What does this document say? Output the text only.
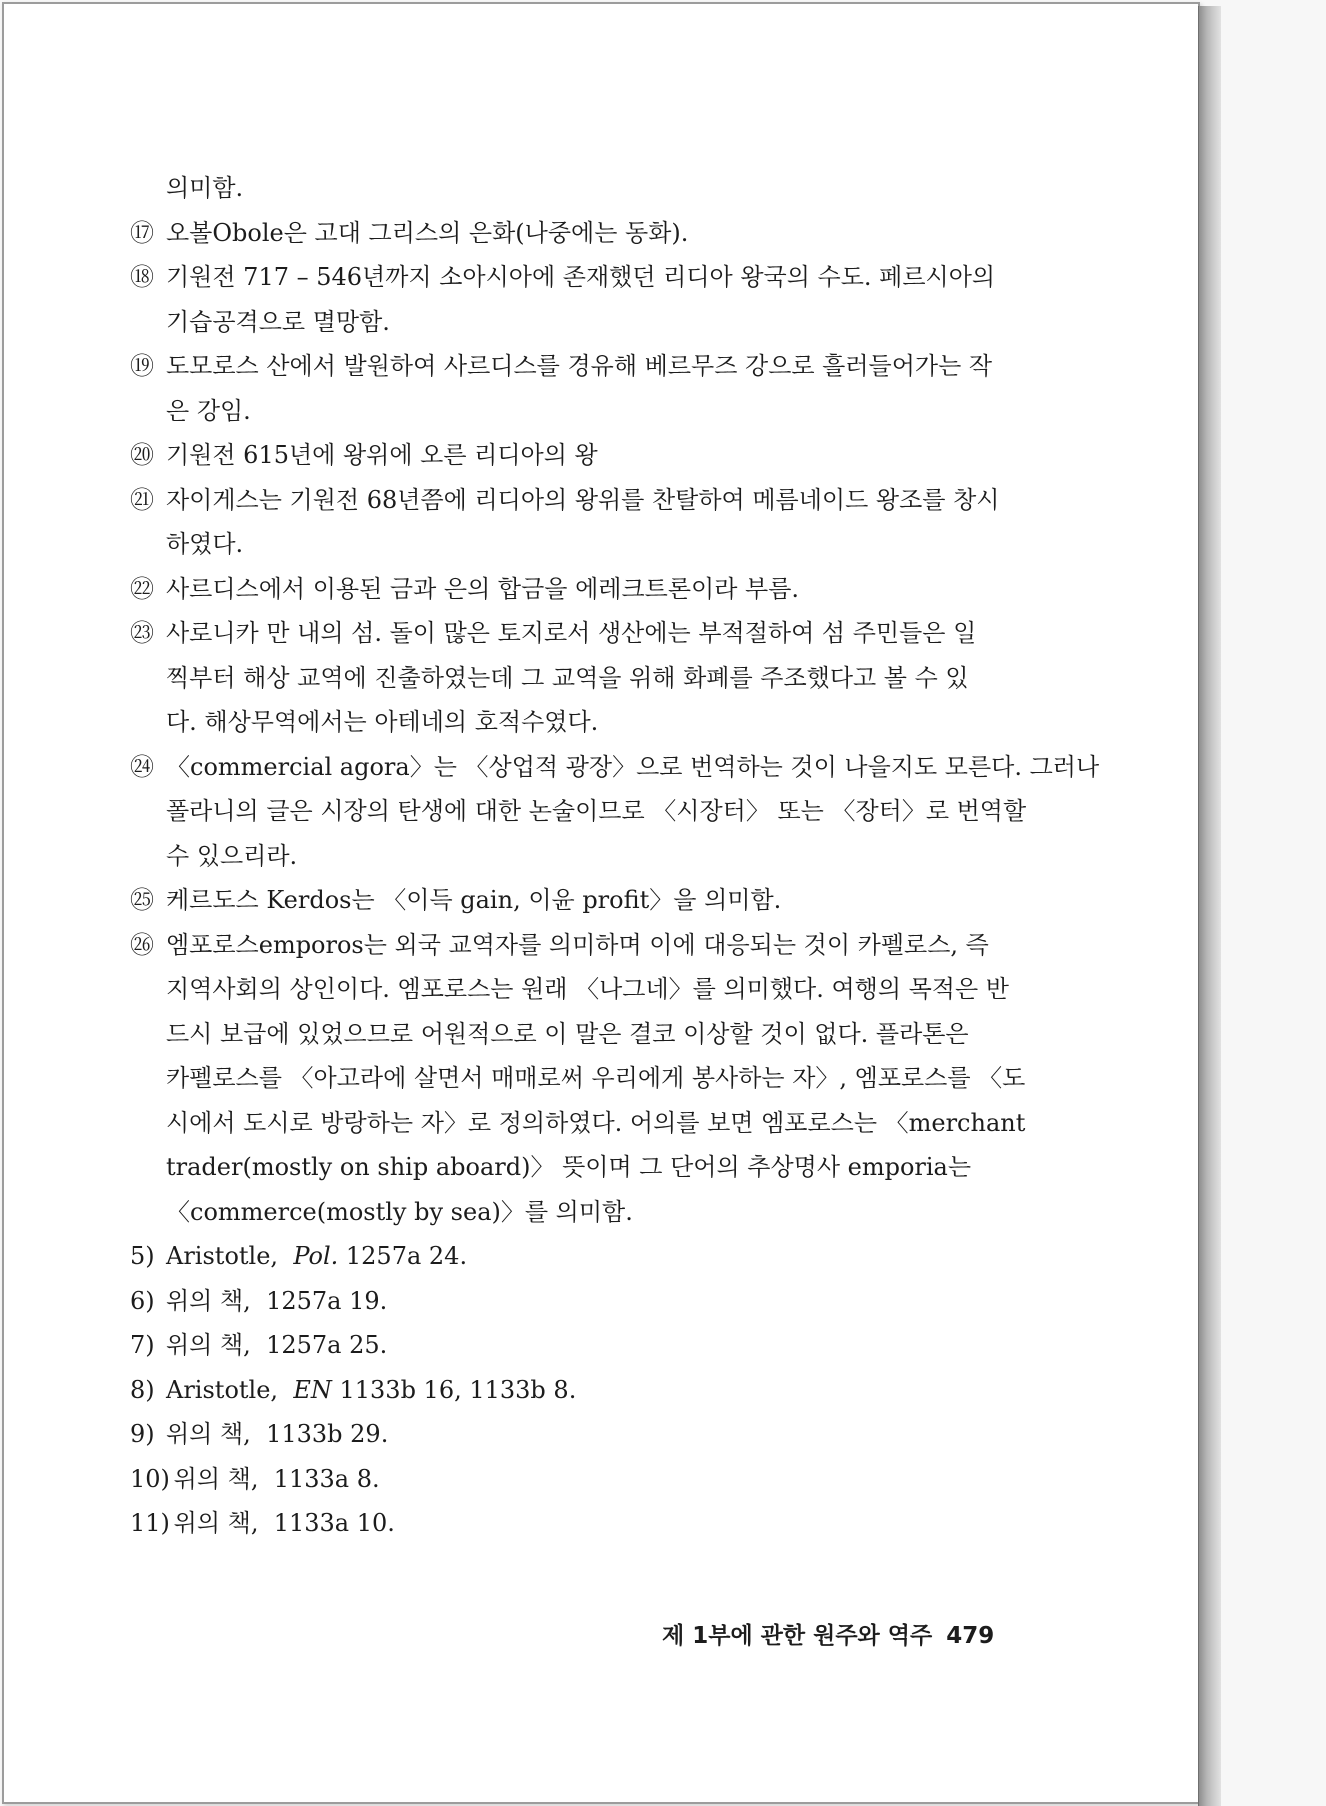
의미함.
⑰ 오볼Obole은 고대 그리스의 은화(나중에는 동화).
⑱ 기원전 717 – 546년까지 소아시아에 존재했던 리디아 왕국의 수도. 페르시아의
기습공격으로 멸망함.
⑲ 도모로스 산에서 발원하여 사르디스를 경유해 베르무즈 강으로 흘러들어가는 작
은 강임.
⑳ 기원전 615년에 왕위에 오른 리디아의 왕
㉑ 자이게스는 기원전 68년쯤에 리디아의 왕위를 찬탈하여 메름네이드 왕조를 창시
하였다.
㉒ 사르디스에서 이용된 금과 은의 합금을 에레크트론이라 부름.
㉓ 사로니카 만 내의 섬. 돌이 많은 토지로서 생산에는 부적절하여 섬 주민들은 일
찍부터 해상 교역에 진출하였는데 그 교역을 위해 화폐를 주조했다고 볼 수 있
다. 해상무역에서는 아테네의 호적수였다.
㉔ 〈commercial agora〉는 〈상업적 광장〉으로 번역하는 것이 나을지도 모른다. 그러나
폴라니의 글은 시장의 탄생에 대한 논술이므로 〈시장터〉 또는 〈장터〉로 번역할
수 있으리라.
㉕ 케르도스 Kerdos는 〈이득 gain, 이윤 profit〉을 의미함.
㉖ 엠포로스emporos는 외국 교역자를 의미하며 이에 대응되는 것이 카펠로스, 즉
지역사회의 상인이다. 엠포로스는 원래 〈나그네〉를 의미했다. 여행의 목적은 반
드시 보급에 있었으므로 어원적으로 이 말은 결코 이상할 것이 없다. 플라톤은
카펠로스를 〈아고라에 살면서 매매로써 우리에게 봉사하는 자〉, 엠포로스를 〈도
시에서 도시로 방랑하는 자〉로 정의하였다. 어의를 보면 엠포로스는 〈merchant
trader(mostly on ship aboard)〉 뜻이며 그 단어의 추상명사 emporia는
〈commerce(mostly by sea)〉를 의미함.
5) Aristotle, Pol. 1257a 24.
6) 위의 책, 1257a 19.
7) 위의 책, 1257a 25.
8) Aristotle, EN 1133b 16, 1133b 8.
9) 위의 책, 1133b 29.
10) 위의 책, 1133a 8.
11) 위의 책, 1133a 10.
제 1부에 관한 원주와 역주 479
